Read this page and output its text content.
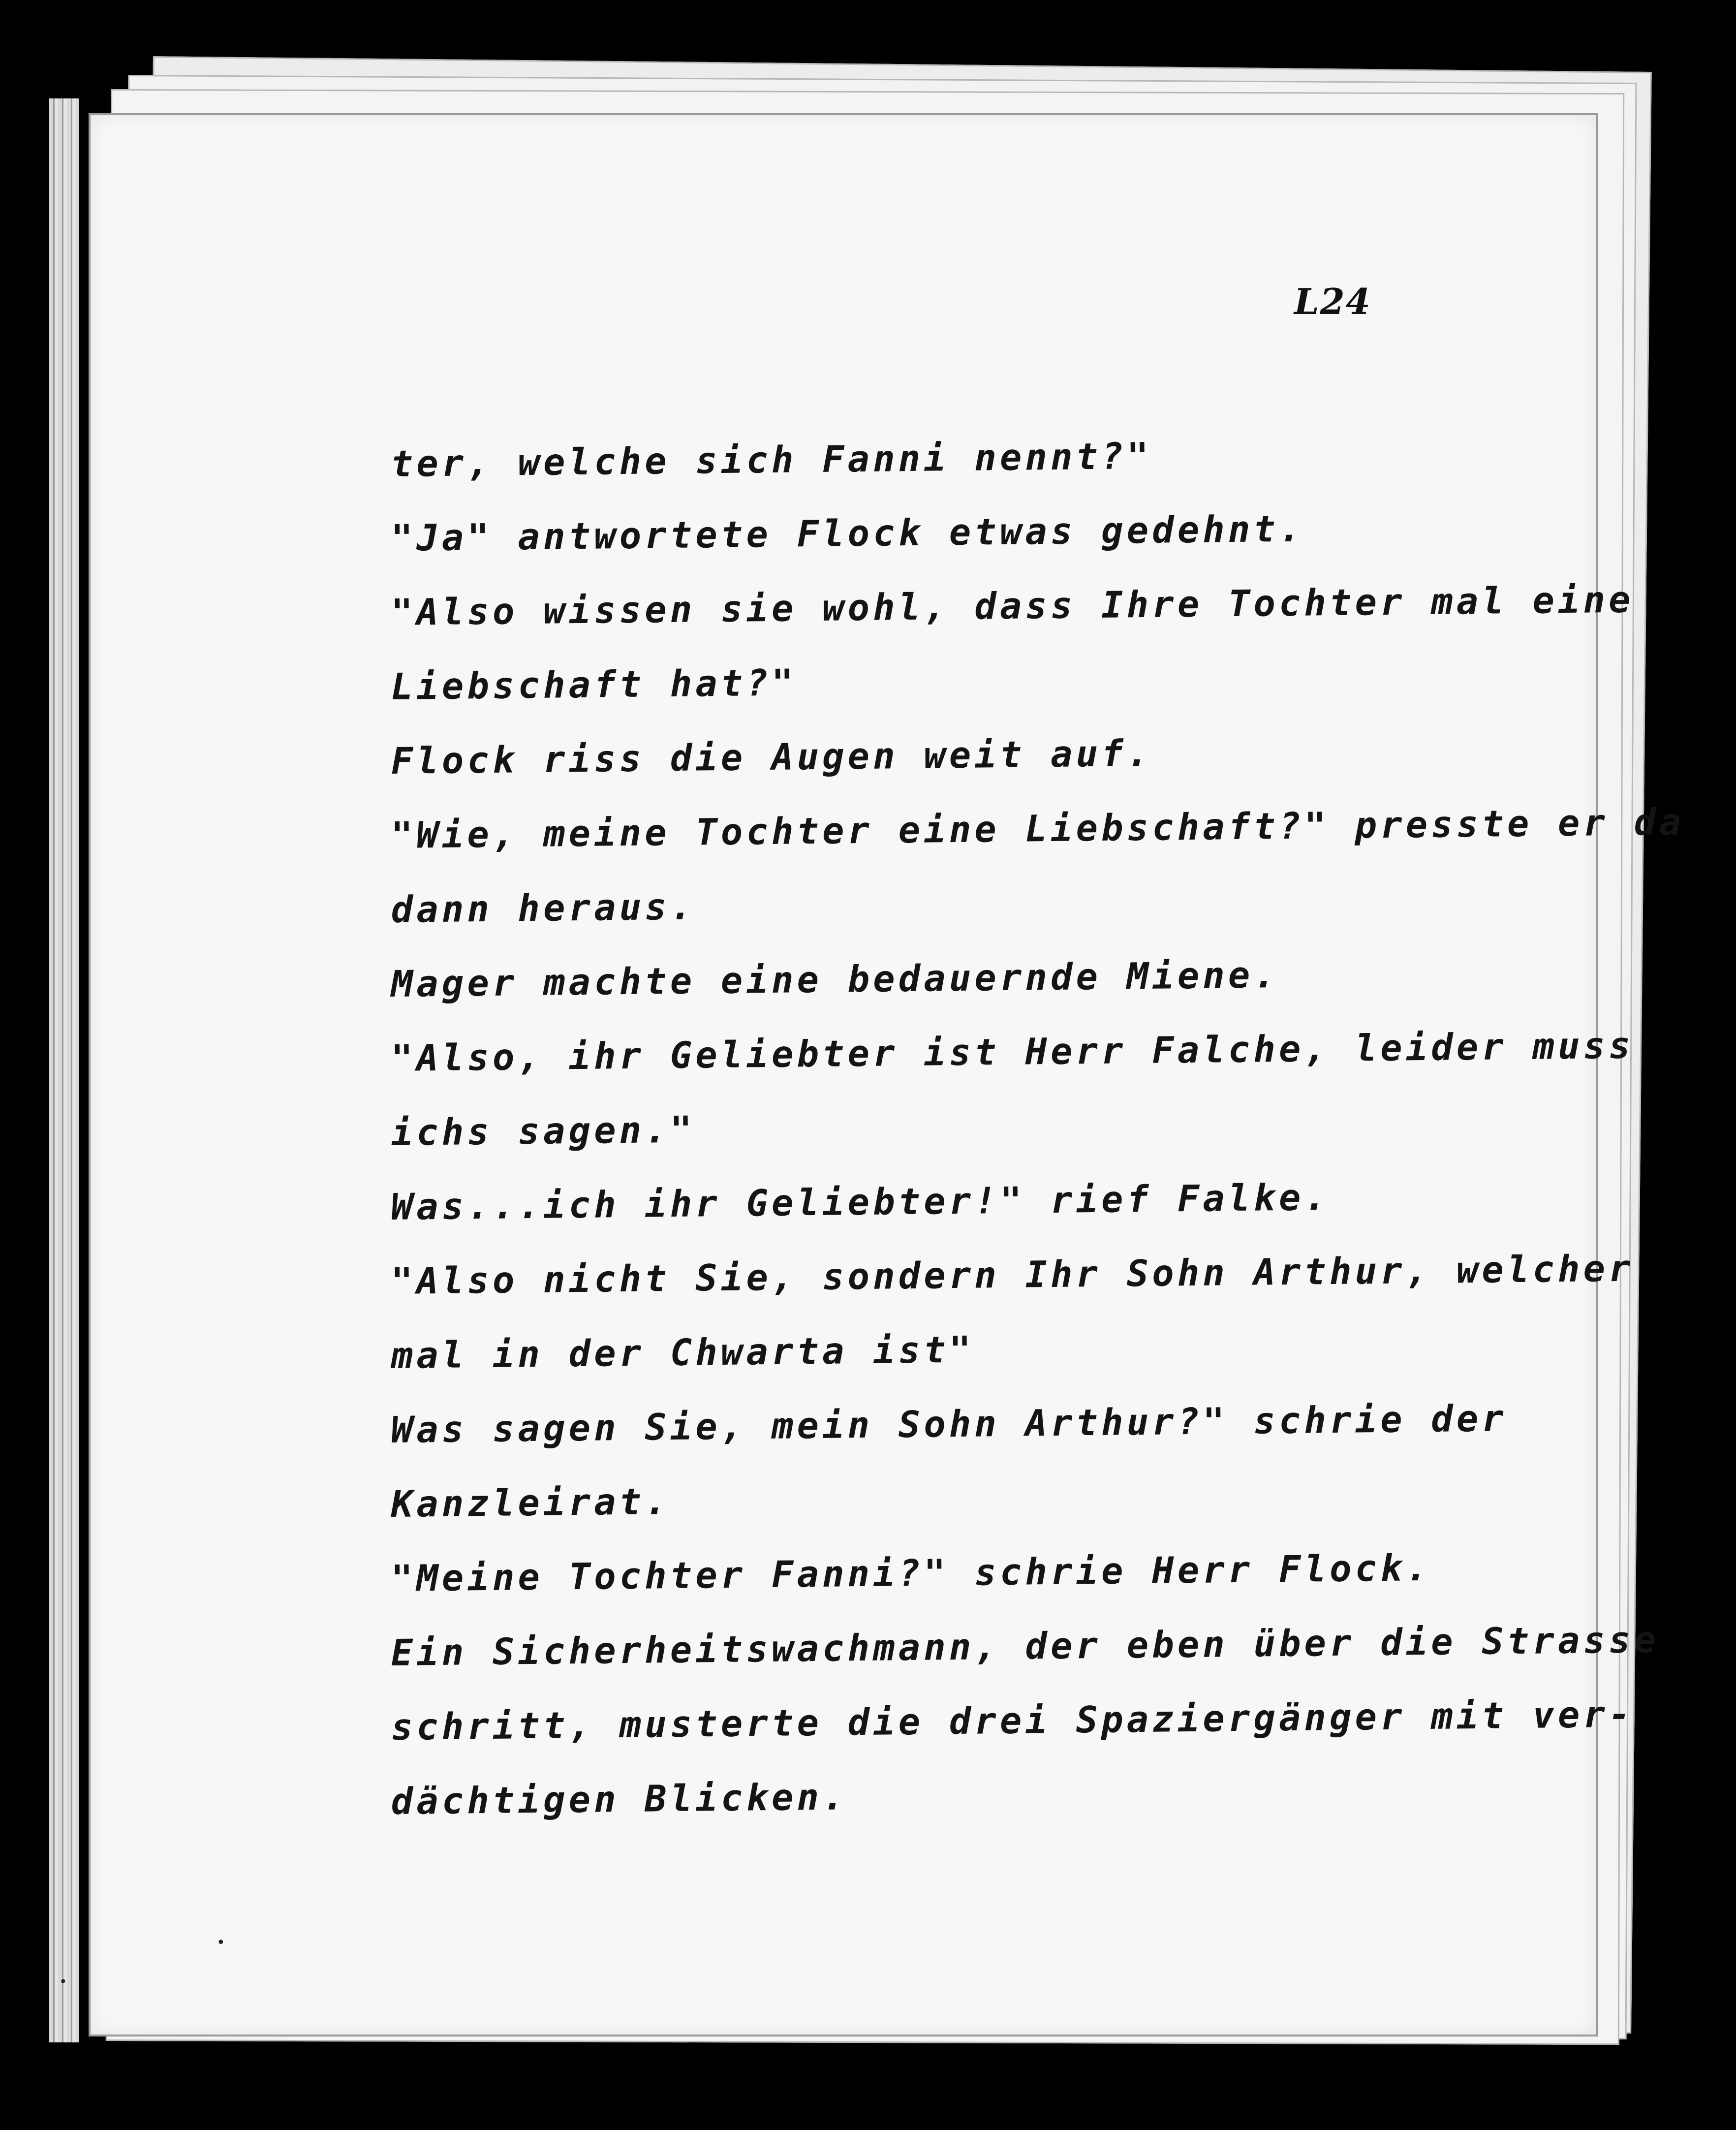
L24
ter, welche sich Fanni nennt?"
"Ja" antwortete Flock etwas gedehnt.
"Also wissen sie wohl, dass Ihre Tochter mal eine
Liebschaft hat?"
Flock riss die Augen weit auf.
"Wie, meine Tochter eine Liebschaft?" presste er da
dann heraus.
Mager machte eine bedauernde Miene.
"Also, ihr Geliebter ist Herr Falche, leider muss
ichs sagen."
Was...ich ihr Geliebter!" rief Falke.
"Also nicht Sie, sondern Ihr Sohn Arthur, welcher
mal in der Chwarta ist"
Was sagen Sie, mein Sohn Arthur?" schrie der
Kanzleirat.
"Meine Tochter Fanni?" schrie Herr Flock.
Ein Sicherheitswachmann, der eben über die Strasse
schritt, musterte die drei Spaziergänger mit ver-
dächtigen Blicken.
•
•
